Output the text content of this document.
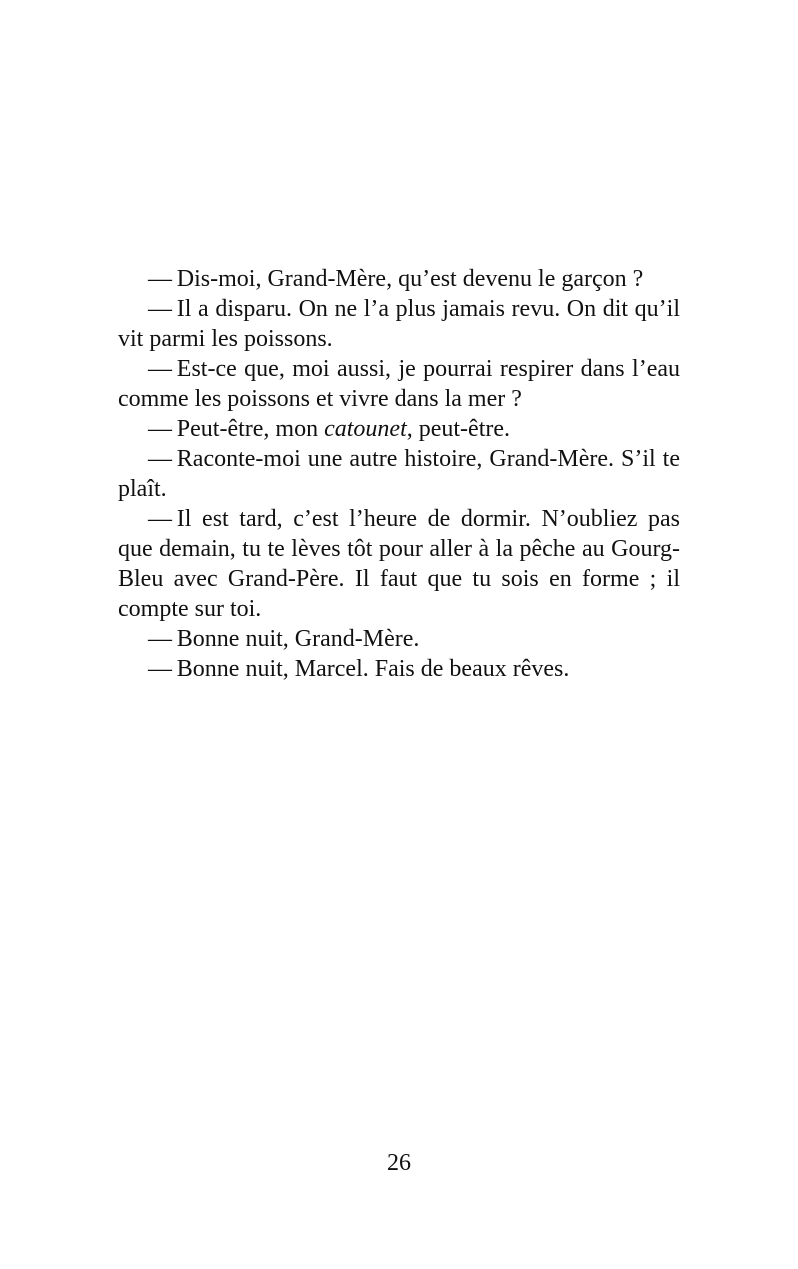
— Dis-moi, Grand-Mère, qu’est devenu le garçon ?

— Il a disparu. On ne l’a plus jamais revu. On dit qu’il vit parmi les poissons.

— Est-ce que, moi aussi, je pourrai respirer dans l’eau comme les poissons et vivre dans la mer ?

— Peut-être, mon catounet, peut-être.

— Raconte-moi une autre histoire, Grand-Mère. S’il te plaît.

— Il est tard, c’est l’heure de dormir. N’oubliez pas que demain, tu te lèves tôt pour aller à la pêche au Gourg-Bleu avec Grand-Père. Il faut que tu sois en forme ; il compte sur toi.

— Bonne nuit, Grand-Mère.

— Bonne nuit, Marcel. Fais de beaux rêves.

26
